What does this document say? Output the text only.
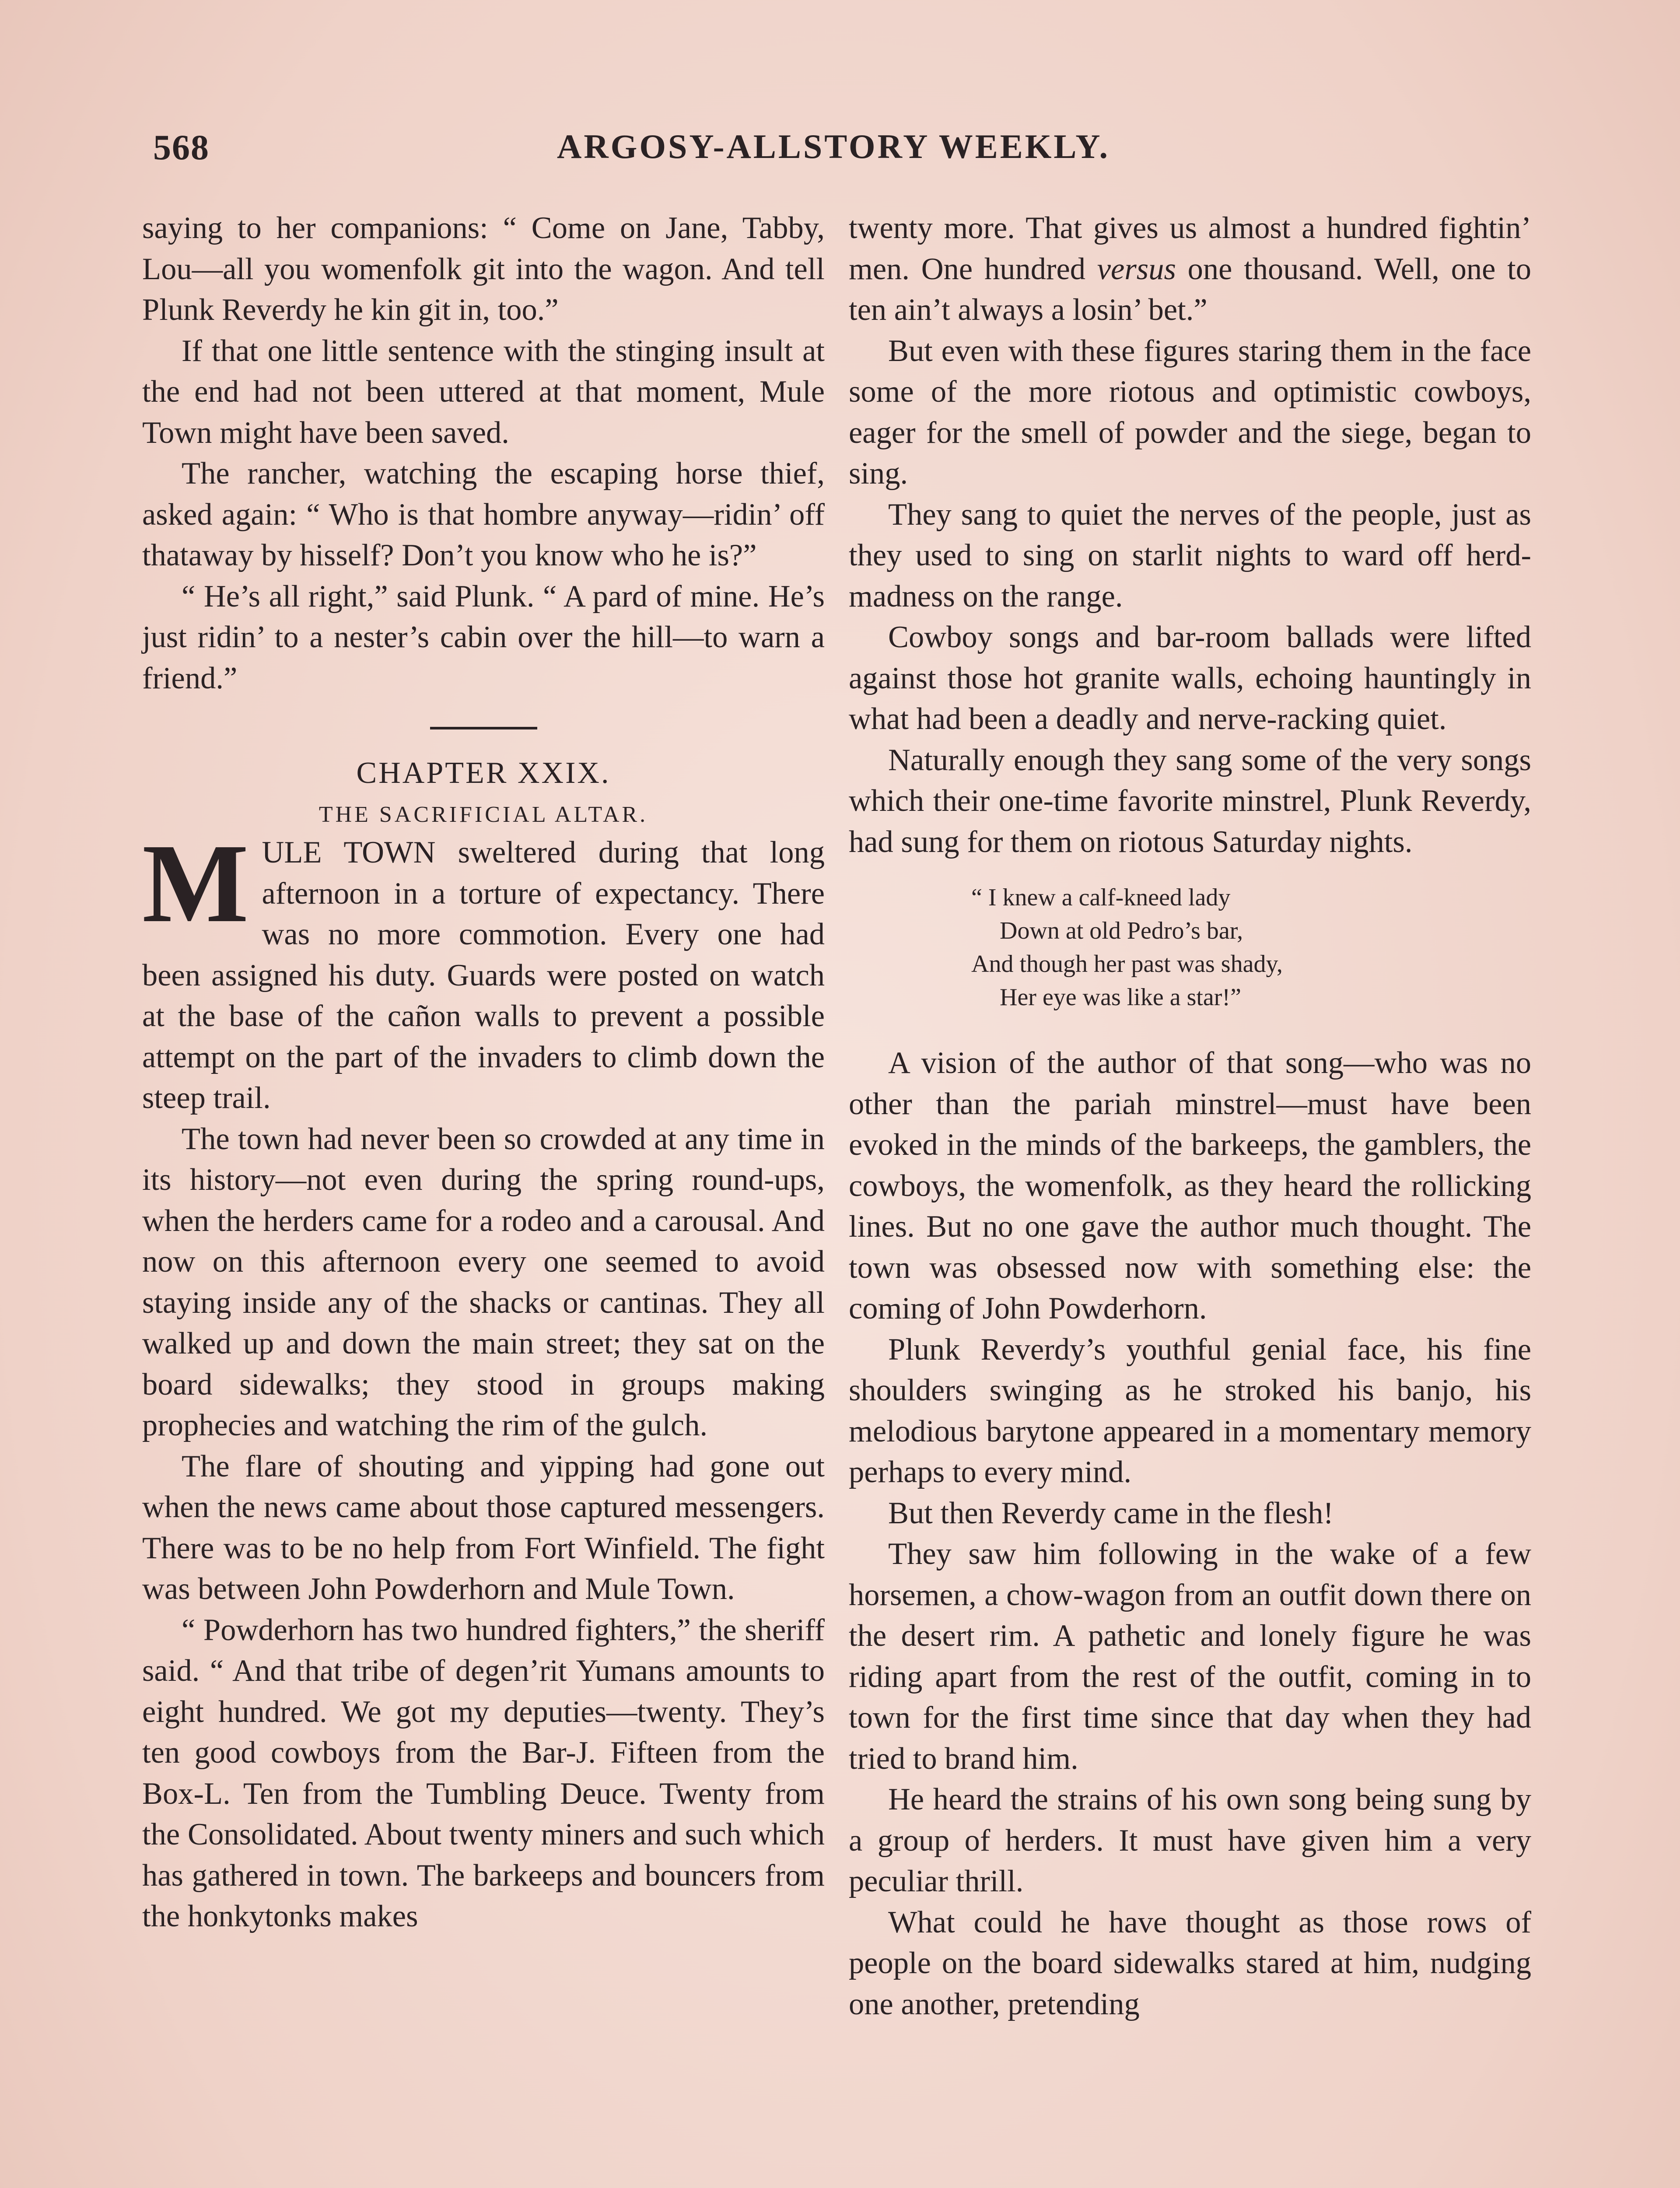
568	ARGOSY-ALLSTORY WEEKLY.

saying to her companions: “ Come on Jane, Tabby, Lou—all you womenfolk git into the wagon. And tell Plunk Reverdy he kin git in, too.”

If that one little sentence with the stinging insult at the end had not been uttered at that moment, Mule Town might have been saved.

The rancher, watching the escaping horse thief, asked again: “ Who is that hombre anyway—ridin’ off thataway by hisself? Don’t you know who he is?”

“ He’s all right,” said Plunk. “ A pard of mine. He’s just ridin’ to a nester’s cabin over the hill—to warn a friend.”

CHAPTER XXIX.

THE SACRIFICIAL ALTAR.

MULE TOWN sweltered during that long afternoon in a torture of expectancy. There was no more commotion. Every one had been assigned his duty. Guards were posted on watch at the base of the cañon walls to prevent a possible attempt on the part of the invaders to climb down the steep trail.

The town had never been so crowded at any time in its history—not even during the spring round-ups, when the herders came for a rodeo and a carousal. And now on this afternoon every one seemed to avoid staying inside any of the shacks or cantinas. They all walked up and down the main street; they sat on the board sidewalks; they stood in groups making prophecies and watching the rim of the gulch.

The flare of shouting and yipping had gone out when the news came about those captured messengers. There was to be no help from Fort Winfield. The fight was between John Powderhorn and Mule Town.

“ Powderhorn has two hundred fighters,” the sheriff said. “ And that tribe of degen’rit Yumans amounts to eight hundred. We got my deputies—twenty. They’s ten good cowboys from the Bar-J. Fifteen from the Box-L. Ten from the Tumbling Deuce. Twenty from the Consolidated. About twenty miners and such which has gathered in town. The barkeeps and bouncers from the honkytonks makes

twenty more. That gives us almost a hundred fightin’ men. One hundred versus one thousand. Well, one to ten ain’t always a losin’ bet.”

But even with these figures staring them in the face some of the more riotous and optimistic cowboys, eager for the smell of powder and the siege, began to sing.

They sang to quiet the nerves of the people, just as they used to sing on starlit nights to ward off herd-madness on the range.

Cowboy songs and bar-room ballads were lifted against those hot granite walls, echoing hauntingly in what had been a deadly and nerve-racking quiet.

Naturally enough they sang some of the very songs which their one-time favorite minstrel, Plunk Reverdy, had sung for them on riotous Saturday nights.

“ I knew a calf-kneed lady
Down at old Pedro’s bar,
And though her past was shady,
Her eye was like a star!”

A vision of the author of that song—who was no other than the pariah minstrel—must have been evoked in the minds of the barkeeps, the gamblers, the cowboys, the womenfolk, as they heard the rollicking lines. But no one gave the author much thought. The town was obsessed now with something else: the coming of John Powderhorn.

Plunk Reverdy’s youthful genial face, his fine shoulders swinging as he stroked his banjo, his melodious barytone appeared in a momentary memory perhaps to every mind.

But then Reverdy came in the flesh!

They saw him following in the wake of a few horsemen, a chow-wagon from an outfit down there on the desert rim. A pathetic and lonely figure he was riding apart from the rest of the outfit, coming in to town for the first time since that day when they had tried to brand him.

He heard the strains of his own song being sung by a group of herders. It must have given him a very peculiar thrill.

What could he have thought as those rows of people on the board sidewalks stared at him, nudging one another, pretending
